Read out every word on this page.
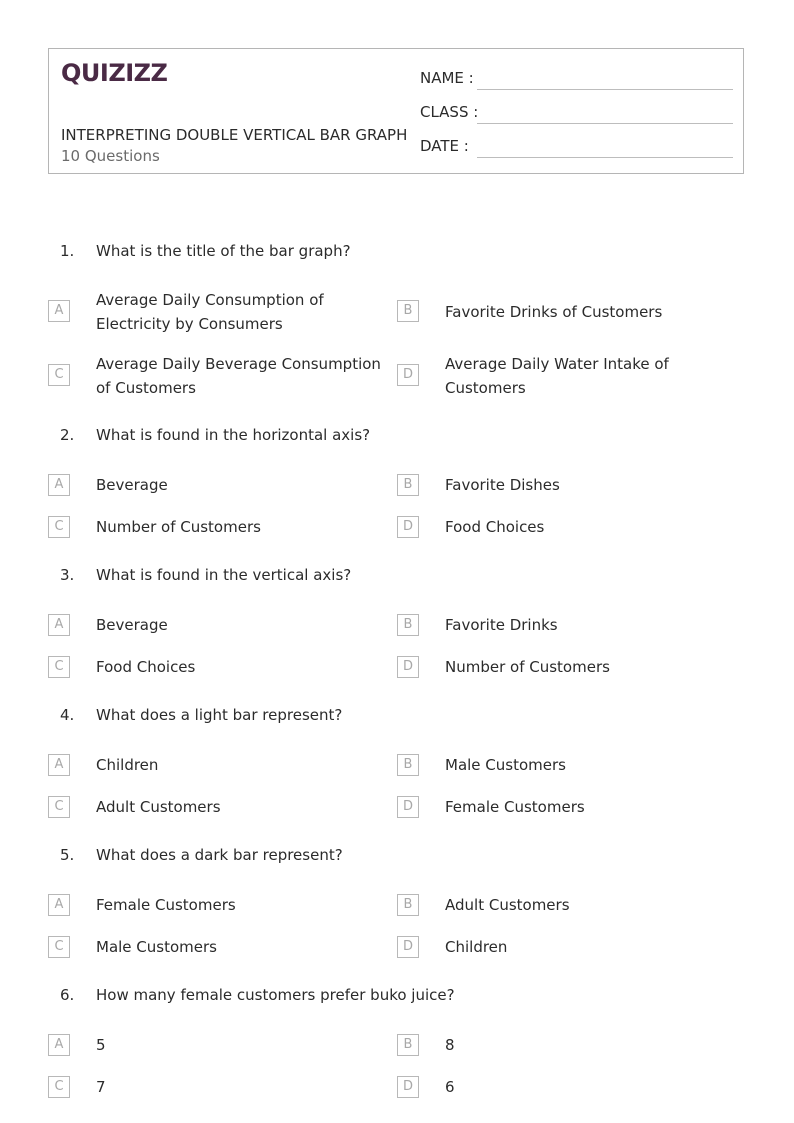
QUIZIZZ
INTERPRETING DOUBLE VERTICAL BAR GRAPH
10 Questions
NAME :
CLASS :
DATE :
1. What is the title of the bar graph?
A
Average Daily Consumption of Electricity by Consumers
B	Favorite Drinks of Customers
C
Average Daily Beverage Consumption of Customers
D
Average Daily Water Intake of Customers
2. What is found in the horizontal axis?
A	Beverage	B	Favorite Dishes
C	Number of Customers	D	Food Choices
3. What is found in the vertical axis?
A	Beverage	B	Favorite Drinks
C	Food Choices	D	Number of Customers
4. What does a light bar represent?
A	Children	B	Male Customers
C	Adult Customers	D	Female Customers
5. What does a dark bar represent?
A	Female Customers	B	Adult Customers
C	Male Customers	D	Children
6. How many female customers prefer buko juice?
A	5	B	8
C	7	D	6
